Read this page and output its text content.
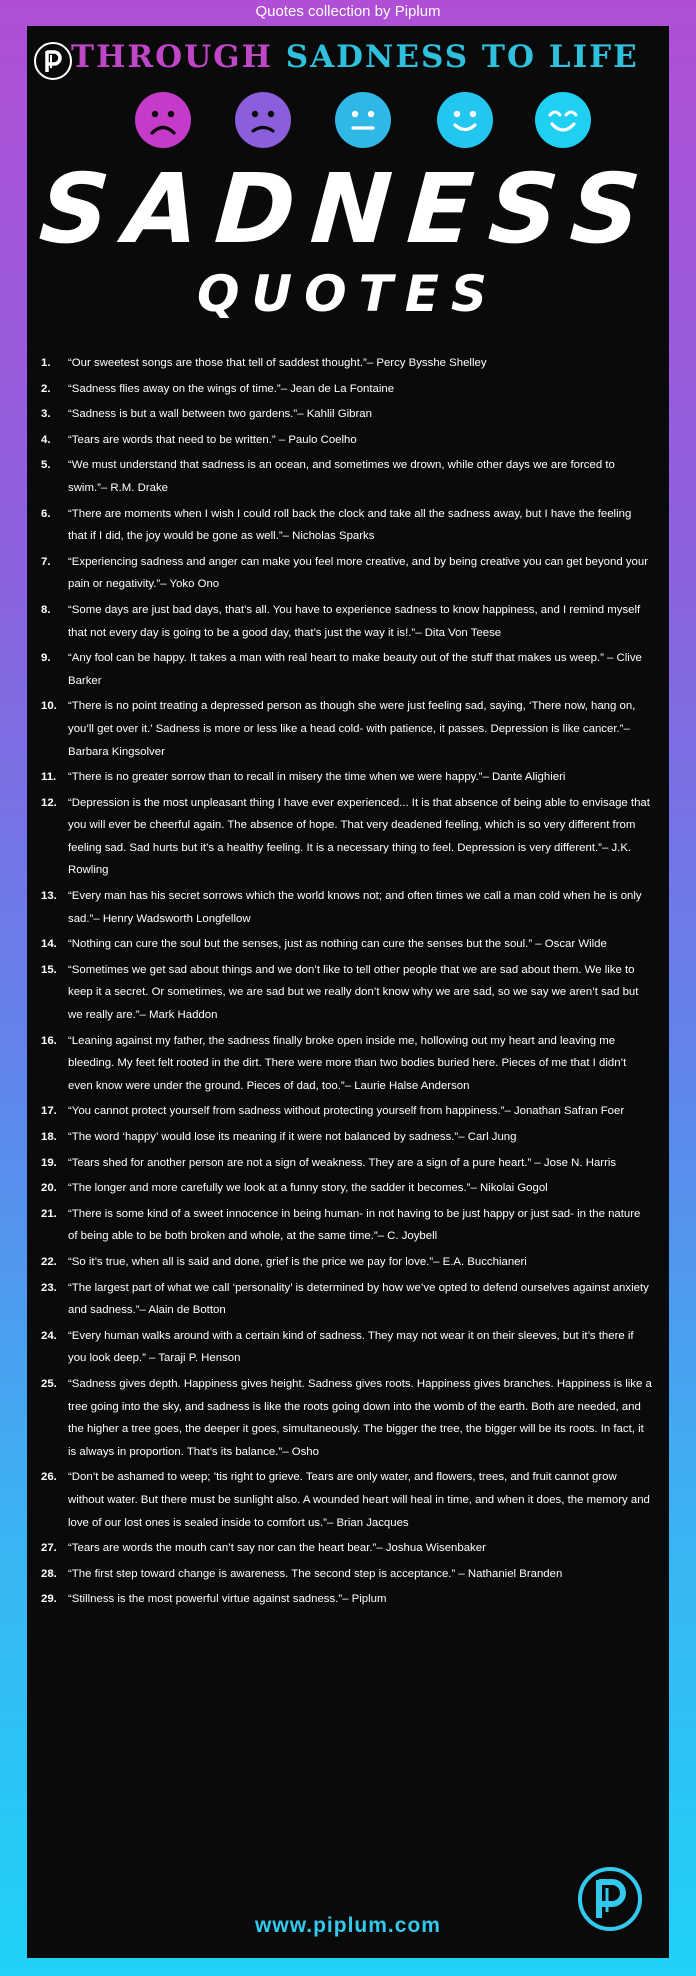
Quotes collection by Piplum
THROUGH SADNESS TO LIFE
SADNESS
QUOTES
1. “Our sweetest songs are those that tell of saddest thought.”– Percy Bysshe Shelley
2. “Sadness flies away on the wings of time.”– Jean de La Fontaine
3. “Sadness is but a wall between two gardens.”– Kahlil Gibran
4. “Tears are words that need to be written.” – Paulo Coelho
5. “We must understand that sadness is an ocean, and sometimes we drown, while other days we are forced to swim.”– R.M. Drake
6. “There are moments when I wish I could roll back the clock and take all the sadness away, but I have the feeling that if I did, the joy would be gone as well.”– Nicholas Sparks
7. “Experiencing sadness and anger can make you feel more creative, and by being creative you can get beyond your pain or negativity.”– Yoko Ono
8. “Some days are just bad days, that’s all. You have to experience sadness to know happiness, and I remind myself that not every day is going to be a good day, that’s just the way it is!.”– Dita Von Teese
9. “Any fool can be happy. It takes a man with real heart to make beauty out of the stuff that makes us weep.” – Clive Barker
10. “There is no point treating a depressed person as though she were just feeling sad, saying, ‘There now, hang on, you’ll get over it.’ Sadness is more or less like a head cold- with patience, it passes. Depression is like cancer.”– Barbara Kingsolver
11. “There is no greater sorrow than to recall in misery the time when we were happy.”– Dante Alighieri
12. “Depression is the most unpleasant thing I have ever experienced... It is that absence of being able to envisage that you will ever be cheerful again. The absence of hope. That very deadened feeling, which is so very different from feeling sad. Sad hurts but it’s a healthy feeling. It is a necessary thing to feel. Depression is very different.”– J.K. Rowling
13. “Every man has his secret sorrows which the world knows not; and often times we call a man cold when he is only sad.”– Henry Wadsworth Longfellow
14. “Nothing can cure the soul but the senses, just as nothing can cure the senses but the soul.” – Oscar Wilde
15. “Sometimes we get sad about things and we don’t like to tell other people that we are sad about them. We like to keep it a secret. Or sometimes, we are sad but we really don’t know why we are sad, so we say we aren’t sad but we really are.”– Mark Haddon
16. “Leaning against my father, the sadness finally broke open inside me, hollowing out my heart and leaving me bleeding. My feet felt rooted in the dirt. There were more than two bodies buried here. Pieces of me that I didn’t even know were under the ground. Pieces of dad, too.”– Laurie Halse Anderson
17. “You cannot protect yourself from sadness without protecting yourself from happiness.”– Jonathan Safran Foer
18. “The word ‘happy’ would lose its meaning if it were not balanced by sadness.”– Carl Jung
19. “Tears shed for another person are not a sign of weakness. They are a sign of a pure heart.” – Jose N. Harris
20. “The longer and more carefully we look at a funny story, the sadder it becomes.”– Nikolai Gogol
21. “There is some kind of a sweet innocence in being human- in not having to be just happy or just sad- in the nature of being able to be both broken and whole, at the same time.”– C. Joybell
22. “So it’s true, when all is said and done, grief is the price we pay for love.”– E.A. Bucchianeri
23. “The largest part of what we call ‘personality’ is determined by how we’ve opted to defend ourselves against anxiety and sadness.”– Alain de Botton
24. “Every human walks around with a certain kind of sadness. They may not wear it on their sleeves, but it’s there if you look deep.” – Taraji P. Henson
25. “Sadness gives depth. Happiness gives height. Sadness gives roots. Happiness gives branches. Happiness is like a tree going into the sky, and sadness is like the roots going down into the womb of the earth. Both are needed, and the higher a tree goes, the deeper it goes, simultaneously. The bigger the tree, the bigger will be its roots. In fact, it is always in proportion. That’s its balance.”– Osho
26. “Don’t be ashamed to weep; ’tis right to grieve. Tears are only water, and flowers, trees, and fruit cannot grow without water. But there must be sunlight also. A wounded heart will heal in time, and when it does, the memory and love of our lost ones is sealed inside to comfort us.”– Brian Jacques
27. “Tears are words the mouth can’t say nor can the heart bear.”– Joshua Wisenbaker
28. “The first step toward change is awareness. The second step is acceptance.” – Nathaniel Branden
29. “Stillness is the most powerful virtue against sadness.”– Piplum
www.piplum.com
